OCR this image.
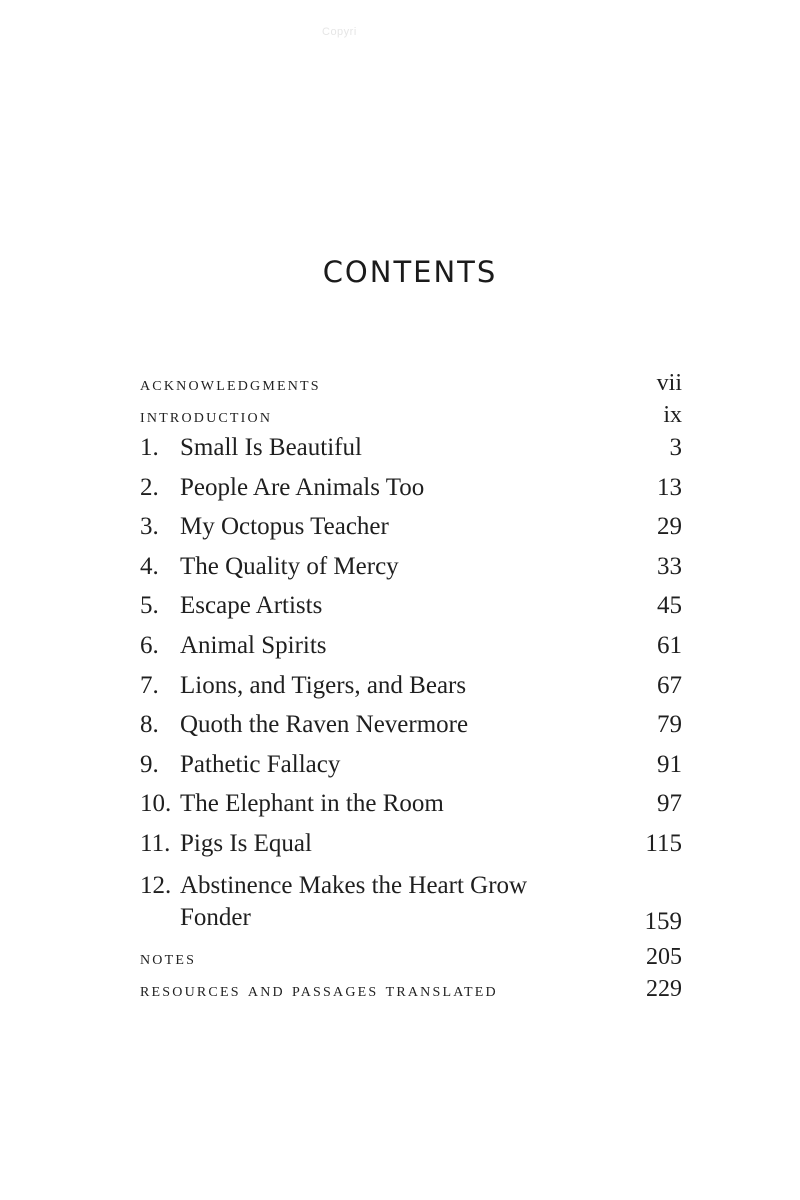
Copyri
CONTENTS
acknowledgments	vii
introduction	ix
1. Small Is Beautiful	3
2. People Are Animals Too	13
3. My Octopus Teacher	29
4. The Quality of Mercy	33
5. Escape Artists	45
6. Animal Spirits	61
7. Lions, and Tigers, and Bears	67
8. Quoth the Raven Nevermore	79
9. Pathetic Fallacy	91
10. The Elephant in the Room	97
11. Pigs Is Equal	115
12. Abstinence Makes the Heart Grow Fonder	159
notes	205
resources and passages translated	229
